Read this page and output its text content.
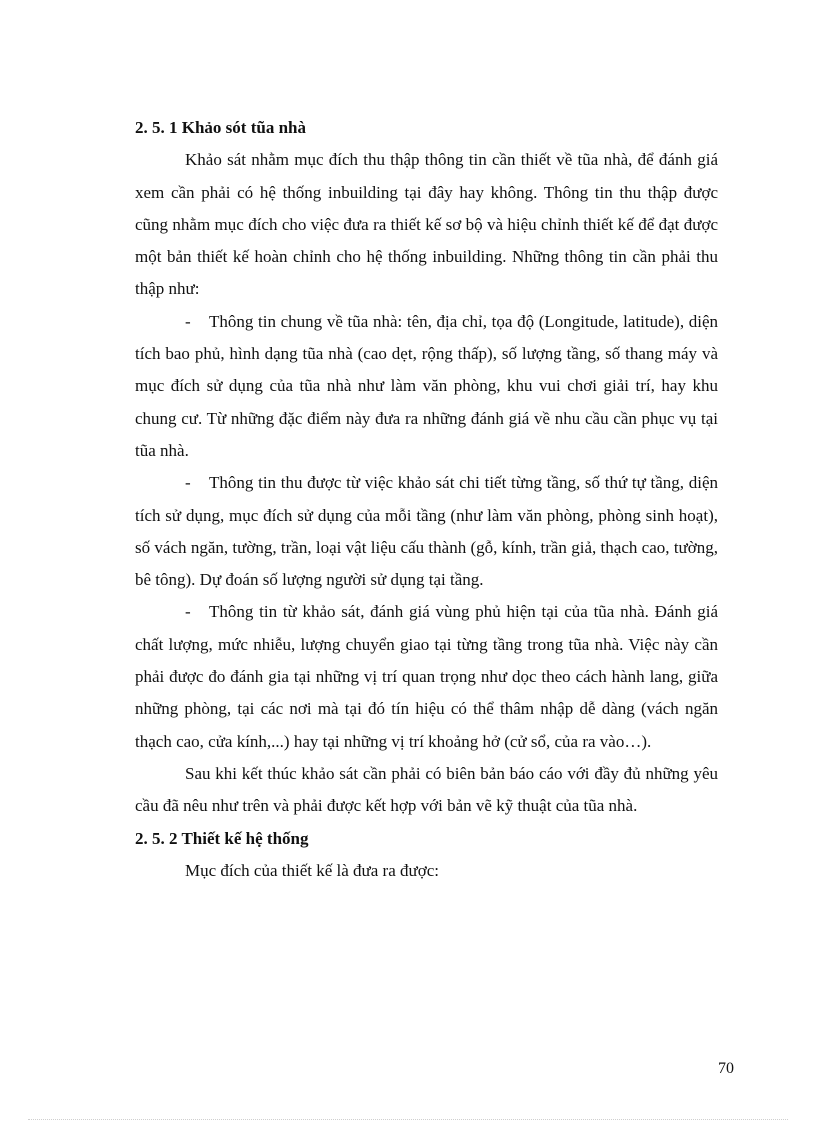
2. 5. 1 Khảo sót tũa nhà

Khảo sát nhằm mục đích thu thập thông tin cần thiết về tũa nhà, để đánh giá xem cần phải có hệ thống inbuilding tại đây hay không. Thông tin thu thập được cũng nhằm mục đích cho việc đưa ra thiết kế sơ bộ và hiệu chỉnh thiết kế để đạt được một bản thiết kế hoàn chỉnh cho hệ thống inbuilding. Những thông tin cần phải thu thập như:

- Thông tin chung về tũa nhà: tên, địa chỉ, tọa độ (Longitude, latitude), diện tích bao phủ, hình dạng tũa nhà (cao dẹt, rộng thấp), số lượng tầng, số thang máy và mục đích sử dụng của tũa nhà như làm văn phòng, khu vui chơi giải trí, hay khu chung cư. Từ những đặc điểm này đưa ra những đánh giá về nhu cầu cần phục vụ tại tũa nhà.

- Thông tin thu được từ việc khảo sát chi tiết từng tầng, số thứ tự tầng, diện tích sử dụng, mục đích sử dụng của mỗi tầng (như làm văn phòng, phòng sinh hoạt), số vách ngăn, tường, trần, loại vật liệu cấu thành (gỗ, kính, trần giả, thạch cao, tường, bê tông). Dự đoán số lượng người sử dụng tại tầng.

- Thông tin từ khảo sát, đánh giá vùng phủ hiện tại của tũa nhà. Đánh giá chất lượng, mức nhiễu, lượng chuyển giao tại từng tầng trong tũa nhà. Việc này cần phải được đo đánh gia tại những vị trí quan trọng như dọc theo cách hành lang, giữa những phòng, tại các nơi mà tại đó tín hiệu có thể thâm nhập dễ dàng (vách ngăn thạch cao, cửa kính,...) hay tại những vị trí khoảng hở (cử sổ, của ra vào…).

Sau khi kết thúc khảo sát cần phải có biên bản báo cáo với đầy đủ những yêu cầu đã nêu như trên và phải được kết hợp với bản vẽ kỹ thuật của tũa nhà.

2. 5. 2 Thiết kế hệ thống

Mục đích của thiết kế là đưa ra được:

70
